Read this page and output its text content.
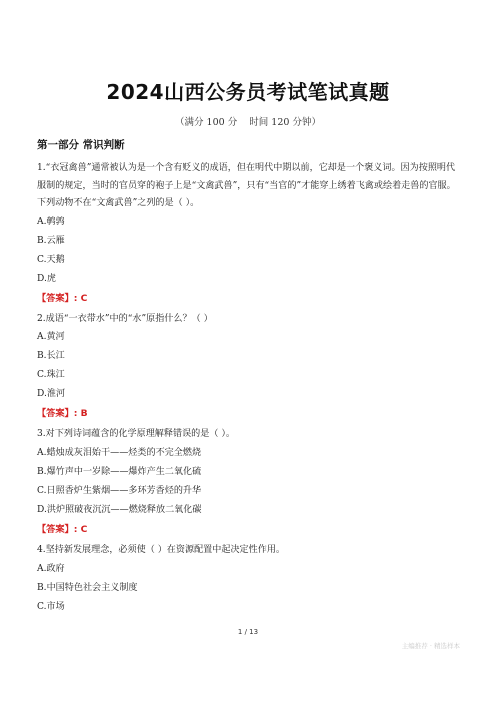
2024山西公务员考试笔试真题
（满分 100 分    时间 120 分钟）
第一部分 常识判断

1.“衣冠禽兽”通常被认为是一个含有贬义的成语，但在明代中期以前，它却是一个褒义词。因为按照明代服制的规定，当时的官员穿的袍子上是“文禽武兽”，只有“当官的”才能穿上绣着飞禽或绘着走兽的官服。下列动物不在“文禽武兽”之列的是（ ）。

A.鹌鹑
B.云雁
C.天鹅
D.虎
【答案】: C

2.成语“一衣带水”中的“水”原指什么？（ ）

A.黄河
B.长江
C.珠江
D.淮河
【答案】: B

3.对下列诗词蕴含的化学原理解释错误的是（ ）。

A.蜡烛成灰泪始干——烃类的不完全燃烧
B.爆竹声中一岁除——爆炸产生二氧化硫
C.日照香炉生紫烟——多环芳香烃的升华
D.洪炉照破夜沉沉——燃烧释放二氧化碳
【答案】: C

4.坚持新发展理念，必须使（ ）在资源配置中起决定性作用。

A.政府
B.中国特色社会主义制度
C.市场
1 / 13
主编推荐 · 精选样本
